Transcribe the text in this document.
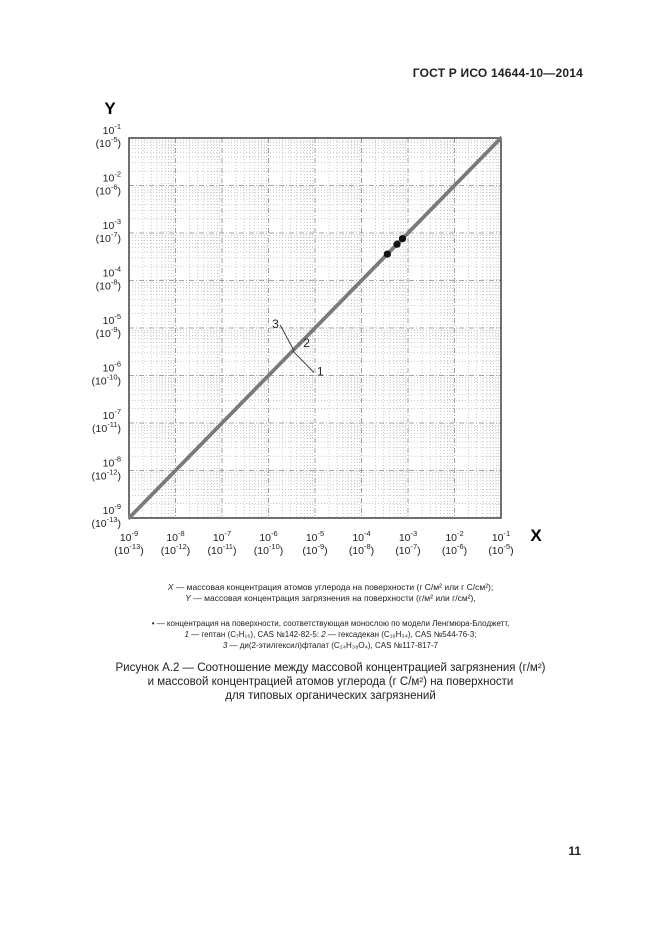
ГОСТ Р ИСО 14644-10—2014
1
2
3
$10^{-9}$
$(10^{-13})$
$10^{-8}$
$(10^{-12})$
$10^{-7}$
$(10^{-11})$
$10^{-6}$
$(10^{-10})$
$10^{-5}$
$(10^{-9})$
$10^{-4}$
$(10^{-8})$
$10^{-3}$
$(10^{-7})$
$10^{-2}$
$(10^{-6})$
$10^{-1}$
$(10^{-5})$
$10^{-9}$
$(10^{-13})$
$10^{-8}$
$(10^{-12})$
$10^{-7}$
$(10^{-11})$
$10^{-6}$
$(10^{-10})$
$10^{-5}$
$(10^{-9})$
$10^{-4}$
$(10^{-8})$
$10^{-3}$
$(10^{-7})$
$10^{-2}$
$(10^{-6})$
$10^{-1}$
$(10^{-5})$
Y
X
X — массовая концентрация атомов углерода на поверхности (г С/м² или г С/см²);
Y — массовая концентрация загрязнения на поверхности (г/м² или г/см²),
• — концентрация на поверхности, соответствующая монослою по модели Ленгмюра-Блоджетт,
1 — гептан (C₇H₁₆), CAS №142-82-5: 2 — гексадекан (C₁₆H₃₄), CAS №544-76-3;
3 — ди(2-этилгексил)фталат (C₂₄H₃₈O₄), CAS №117-817-7
Рисунок А.2 — Соотношение между массовой концентрацией загрязнения (г/м²)
и массовой концентрацией атомов углерода (г С/м²) на поверхности
для типовых органических загрязнений
11
